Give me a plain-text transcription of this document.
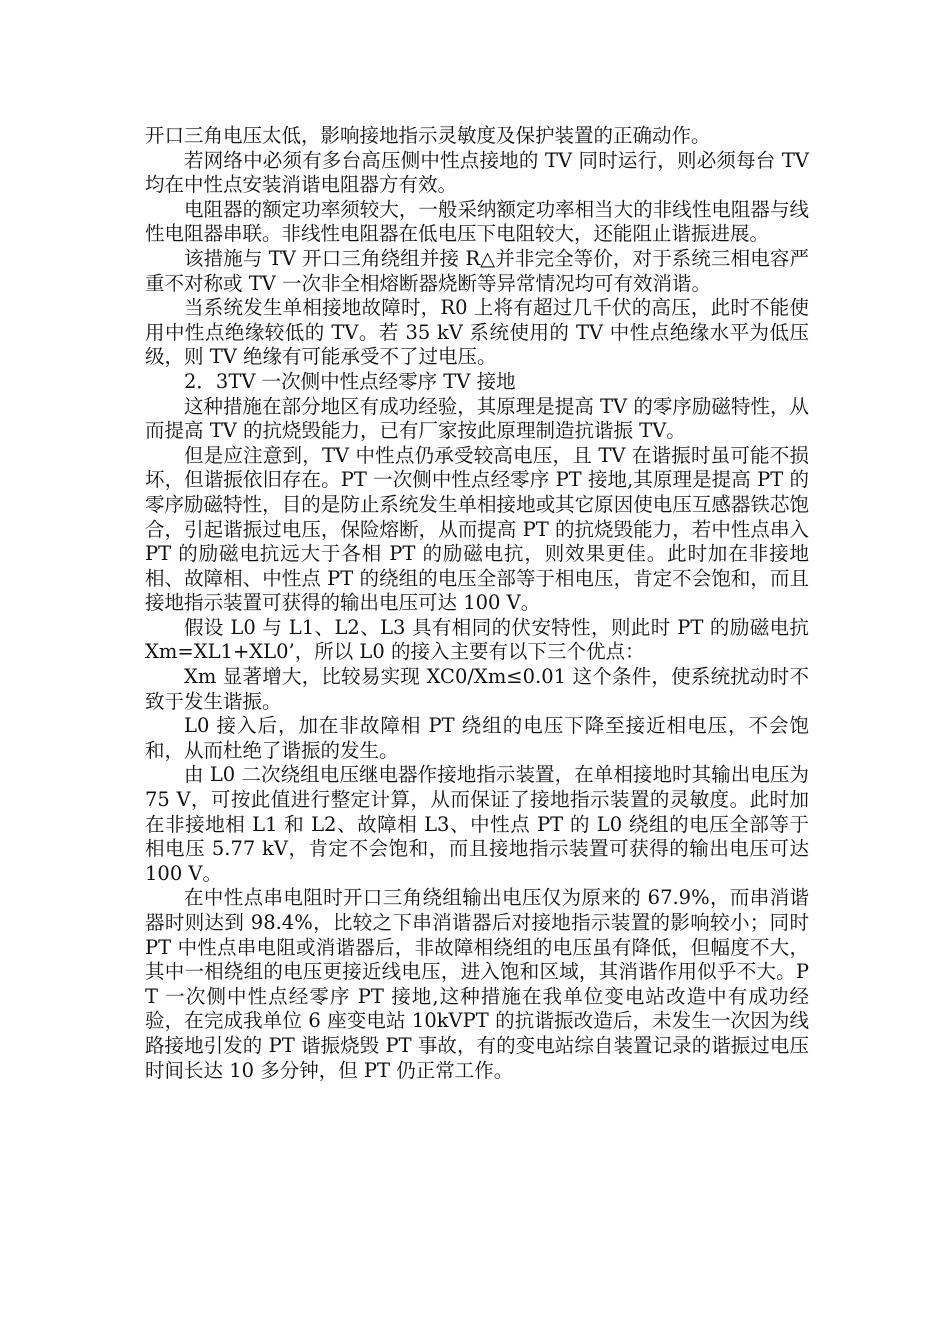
开口三角电压太低，影响接地指示灵敏度及保护装置的正确动作。

若网络中必须有多台高压侧中性点接地的 TV 同时运行，则必须每台 TV 均在中性点安装消谐电阻器方有效。

电阻器的额定功率须较大，一般采纳额定功率相当大的非线性电阻器与线性电阻器串联。非线性电阻器在低电压下电阻较大，还能阻止谐振进展。

该措施与 TV 开口三角绕组并接 R△并非完全等价，对于系统三相电容严重不对称或 TV 一次非全相熔断器烧断等异常情况均可有效消谐。

当系统发生单相接地故障时，R0 上将有超过几千伏的高压，此时不能使用中性点绝缘较低的 TV。若 35 kV 系统使用的 TV 中性点绝缘水平为低压级，则 TV 绝缘有可能承受不了过电压。

2．3TV 一次侧中性点经零序 TV 接地

这种措施在部分地区有成功经验，其原理是提高 TV 的零序励磁特性，从而提高 TV 的抗烧毁能力，已有厂家按此原理制造抗谐振 TV。

但是应注意到，TV 中性点仍承受较高电压，且 TV 在谐振时虽可能不损坏，但谐振依旧存在。PT 一次侧中性点经零序 PT 接地,其原理是提高 PT 的零序励磁特性，目的是防止系统发生单相接地或其它原因使电压互感器铁芯饱合，引起谐振过电压，保险熔断，从而提高 PT 的抗烧毁能力，若中性点串入 PT 的励磁电抗远大于各相 PT 的励磁电抗，则效果更佳。此时加在非接地相、故障相、中性点 PT 的绕组的电压全部等于相电压，肯定不会饱和，而且接地指示装置可获得的输出电压可达 100 V。

假设 L0 与 L1、L2、L3 具有相同的伏安特性，则此时 PT 的励磁电抗 Xm=XL1+XL0’，所以 L0 的接入主要有以下三个优点：

Xm 显著增大，比较易实现 XC0/Xm≤0.01 这个条件，使系统扰动时不致于发生谐振。

L0 接入后，加在非故障相 PT 绕组的电压下降至接近相电压，不会饱和，从而杜绝了谐振的发生。

由 L0 二次绕组电压继电器作接地指示装置，在单相接地时其输出电压为 75 V，可按此值进行整定计算，从而保证了接地指示装置的灵敏度。此时加在非接地相 L1 和 L2、故障相 L3、中性点 PT 的 L0 绕组的电压全部等于相电压 5.77 kV，肯定不会饱和，而且接地指示装置可获得的输出电压可达 100 V。

在中性点串电阻时开口三角绕组输出电压仅为原来的 67.9%，而串消谐器时则达到 98.4%，比较之下串消谐器后对接地指示装置的影响较小；同时 PT 中性点串电阻或消谐器后，非故障相绕组的电压虽有降低，但幅度不大，其中一相绕组的电压更接近线电压，进入饱和区域，其消谐作用似乎不大。PT 一次侧中性点经零序 PT 接地,这种措施在我单位变电站改造中有成功经验，在完成我单位 6 座变电站 10kVPT 的抗谐振改造后，未发生一次因为线路接地引发的 PT 谐振烧毁 PT 事故，有的变电站综自装置记录的谐振过电压时间长达 10 多分钟，但 PT 仍正常工作。
